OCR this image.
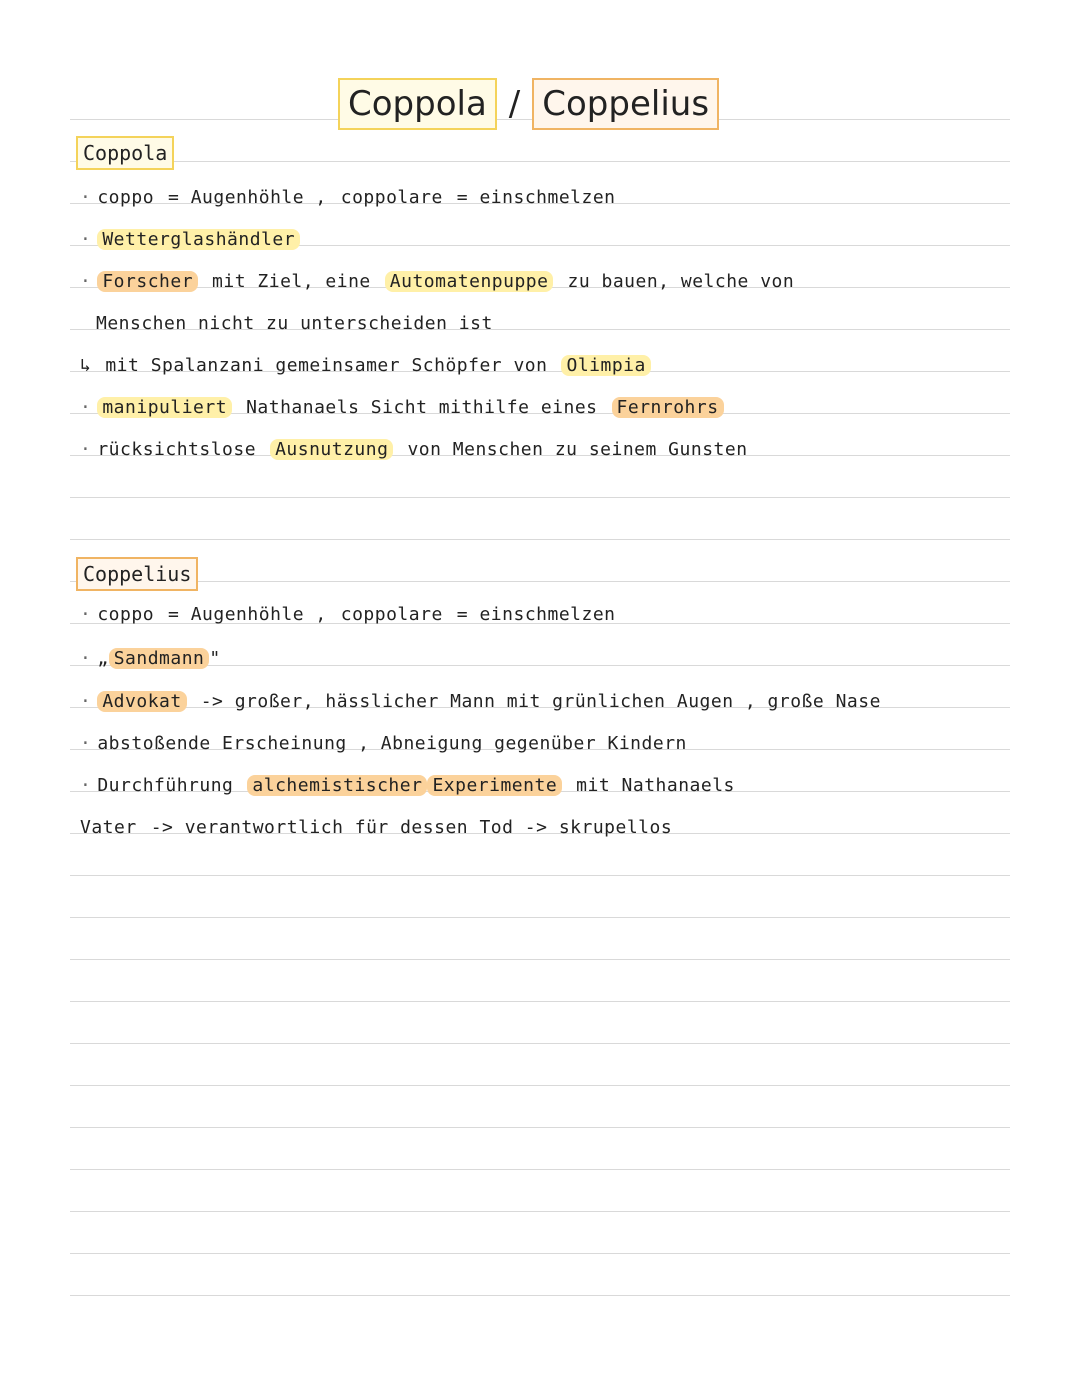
Coppola / Coppelius
Coppola
· coppo = Augenhöhle , coppolare = einschmelzen
· Wetterglashändler
· Forscher mit Ziel, eine Automatenpuppe zu bauen, welche von
Menschen nicht zu unterscheiden ist
↳ mit Spalanzani gemeinsamer Schöpfer von Olimpia
· manipuliert Nathanaels Sicht mithilfe eines Fernrohrs
· rücksichtslose Ausnutzung von Menschen zu seinem Gunsten
Coppelius
· coppo = Augenhöhle , coppolare = einschmelzen
· „ Sandmann "
· Advokat -> großer, hässlicher Mann mit grünlichen Augen , große Nase
· abstoßende Erscheinung , Abneigung gegenüber Kindern
· Durchführung alchemistischer Experimente mit Nathanaels
Vater -> verantwortlich für dessen Tod -> skrupellos
